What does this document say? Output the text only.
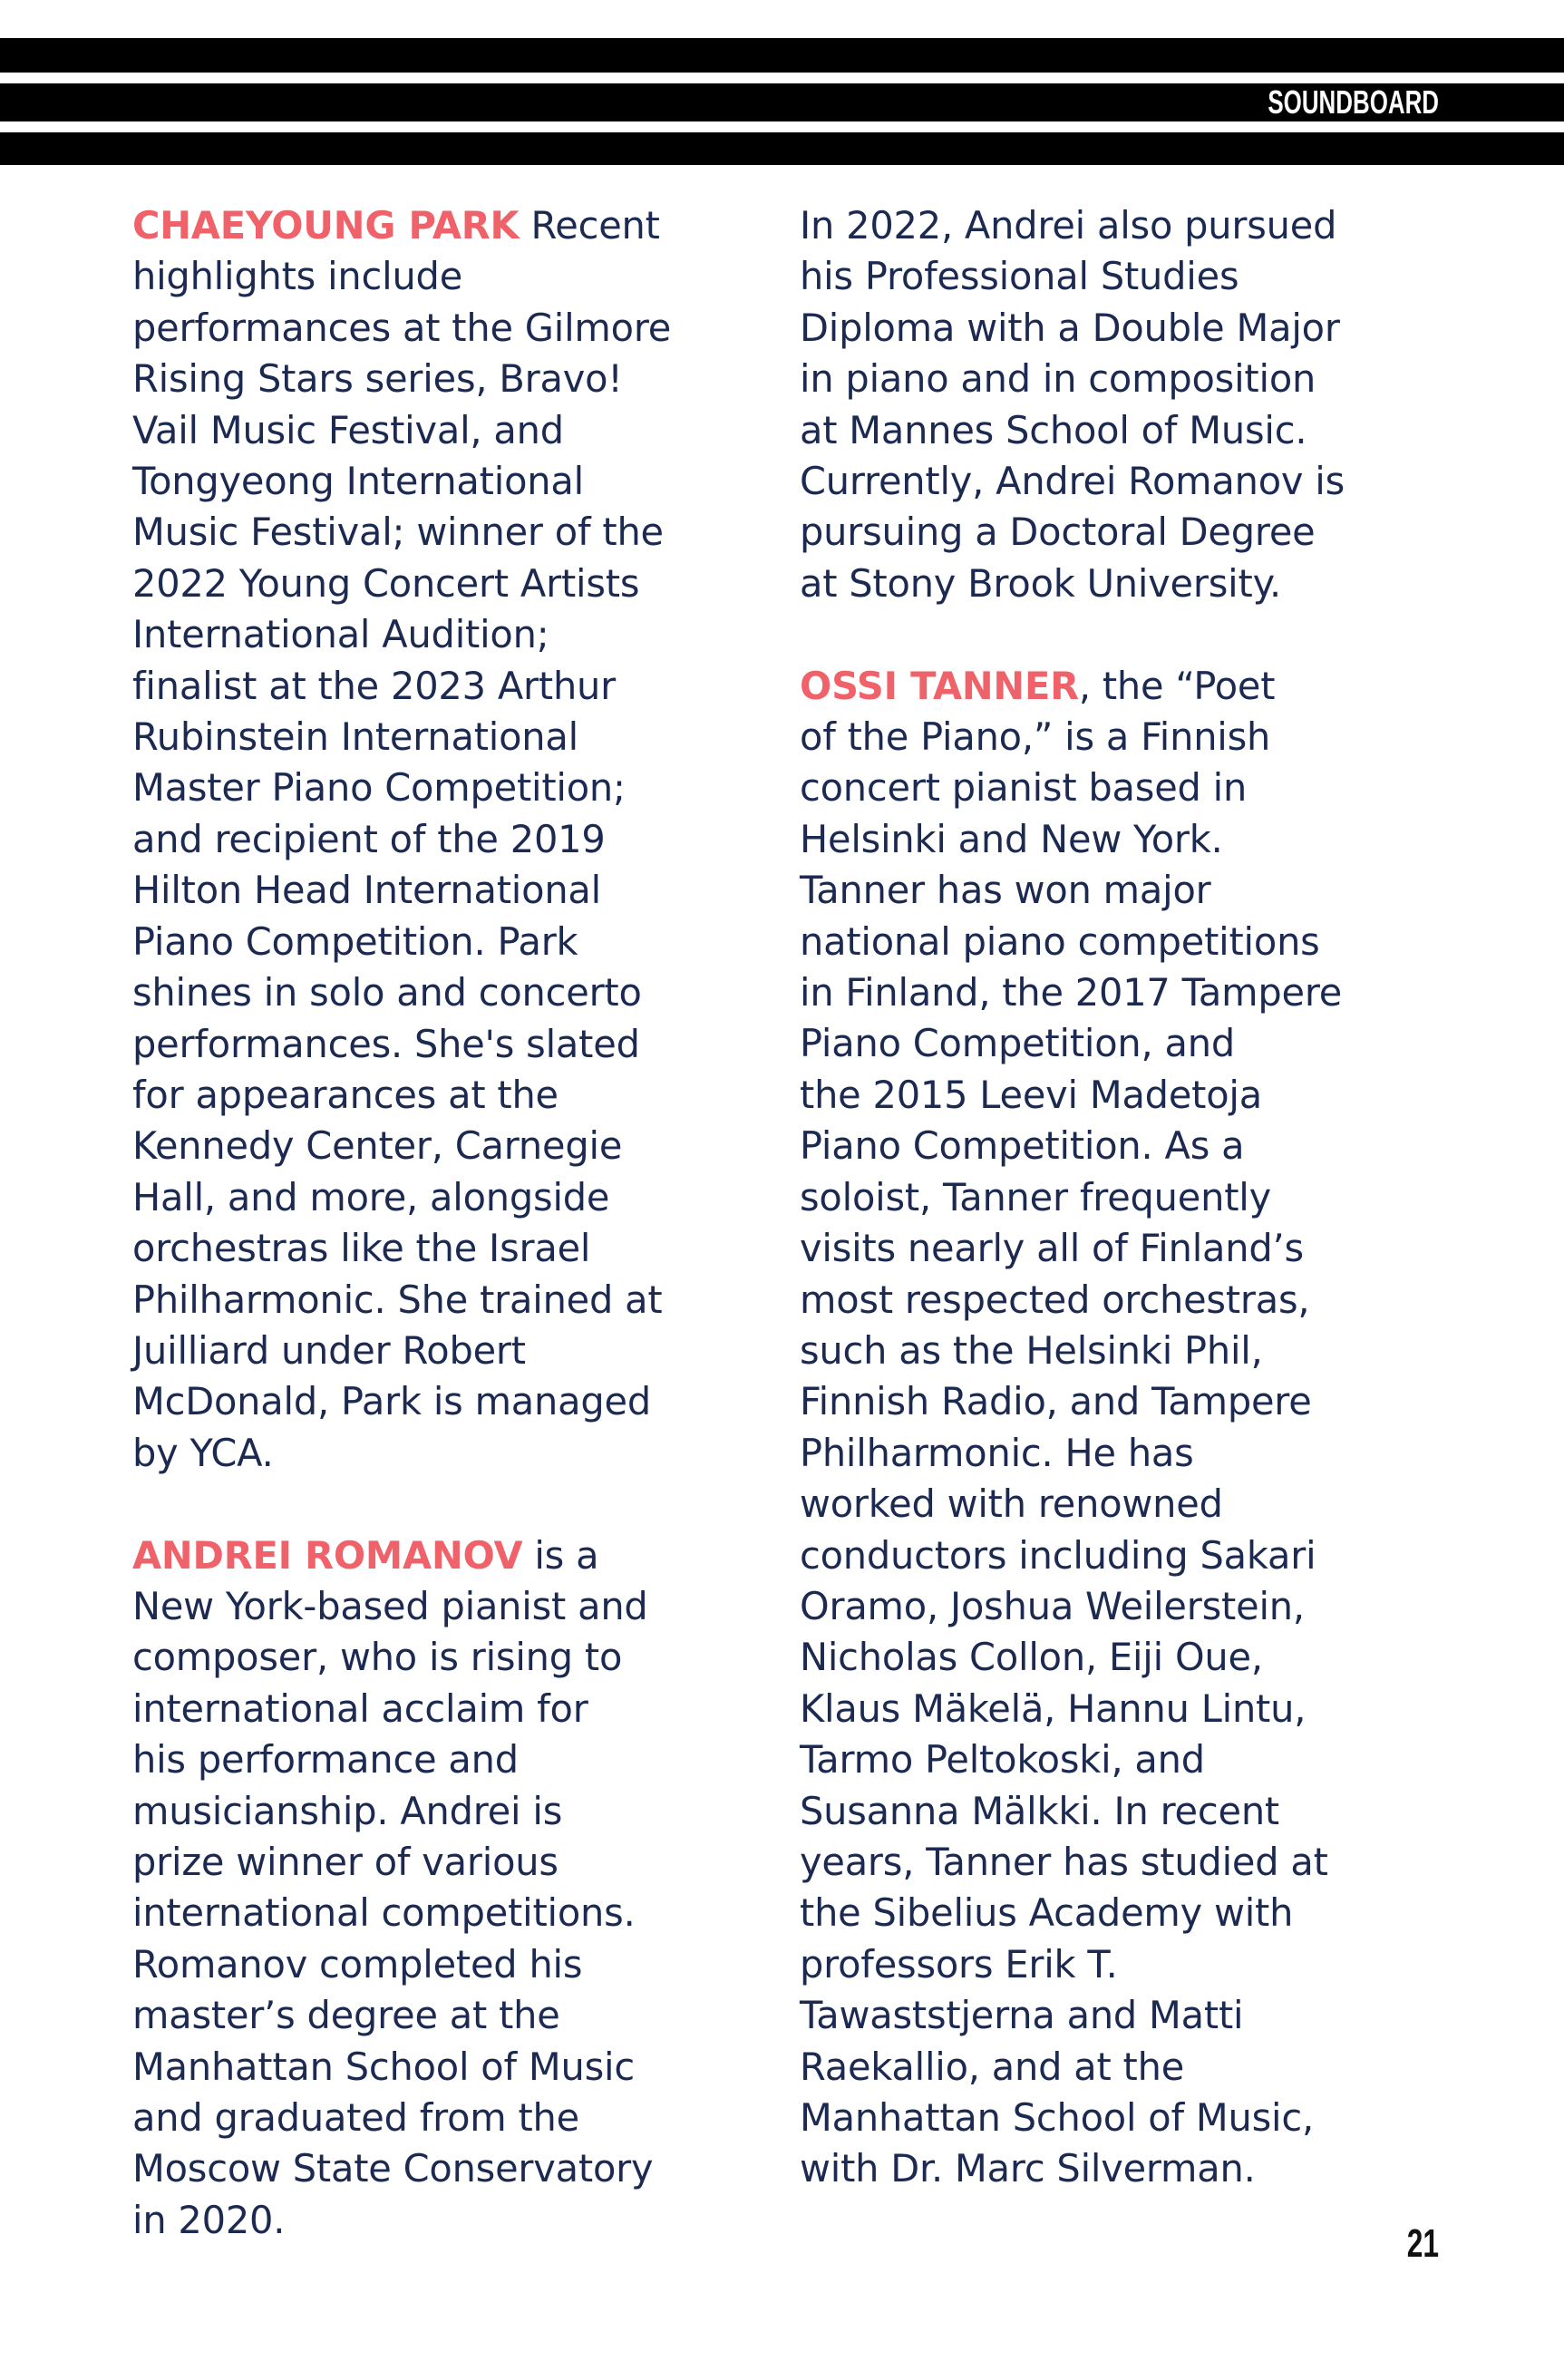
SOUNDBOARD

CHAEYOUNG PARK Recent
highlights include
performances at the Gilmore
Rising Stars series, Bravo!
Vail Music Festival, and
Tongyeong International
Music Festival; winner of the
2022 Young Concert Artists
International Audition;
finalist at the 2023 Arthur
Rubinstein International
Master Piano Competition;
and recipient of the 2019
Hilton Head International
Piano Competition. Park
shines in solo and concerto
performances. She's slated
for appearances at the
Kennedy Center, Carnegie
Hall, and more, alongside
orchestras like the Israel
Philharmonic. She trained at
Juilliard under Robert
McDonald, Park is managed
by YCA.

ANDREI ROMANOV is a
New York-based pianist and
composer, who is rising to
international acclaim for
his performance and
musicianship. Andrei is
prize winner of various
international competitions.
Romanov completed his
master’s degree at the
Manhattan School of Music
and graduated from the
Moscow State Conservatory
in 2020.

In 2022, Andrei also pursued
his Professional Studies
Diploma with a Double Major
in piano and in composition
at Mannes School of Music.
Currently, Andrei Romanov is
pursuing a Doctoral Degree
at Stony Brook University.

OSSI TANNER, the “Poet
of the Piano,” is a Finnish
concert pianist based in
Helsinki and New York.
Tanner has won major
national piano competitions
in Finland, the 2017 Tampere
Piano Competition, and
the 2015 Leevi Madetoja
Piano Competition. As a
soloist, Tanner frequently
visits nearly all of Finland’s
most respected orchestras,
such as the Helsinki Phil,
Finnish Radio, and Tampere
Philharmonic. He has
worked with renowned
conductors including Sakari
Oramo, Joshua Weilerstein,
Nicholas Collon, Eiji Oue,
Klaus Mäkelä, Hannu Lintu,
Tarmo Peltokoski, and
Susanna Mälkki. In recent
years, Tanner has studied at
the Sibelius Academy with
professors Erik T.
Tawaststjerna and Matti
Raekallio, and at the
Manhattan School of Music,
with Dr. Marc Silverman.

21
